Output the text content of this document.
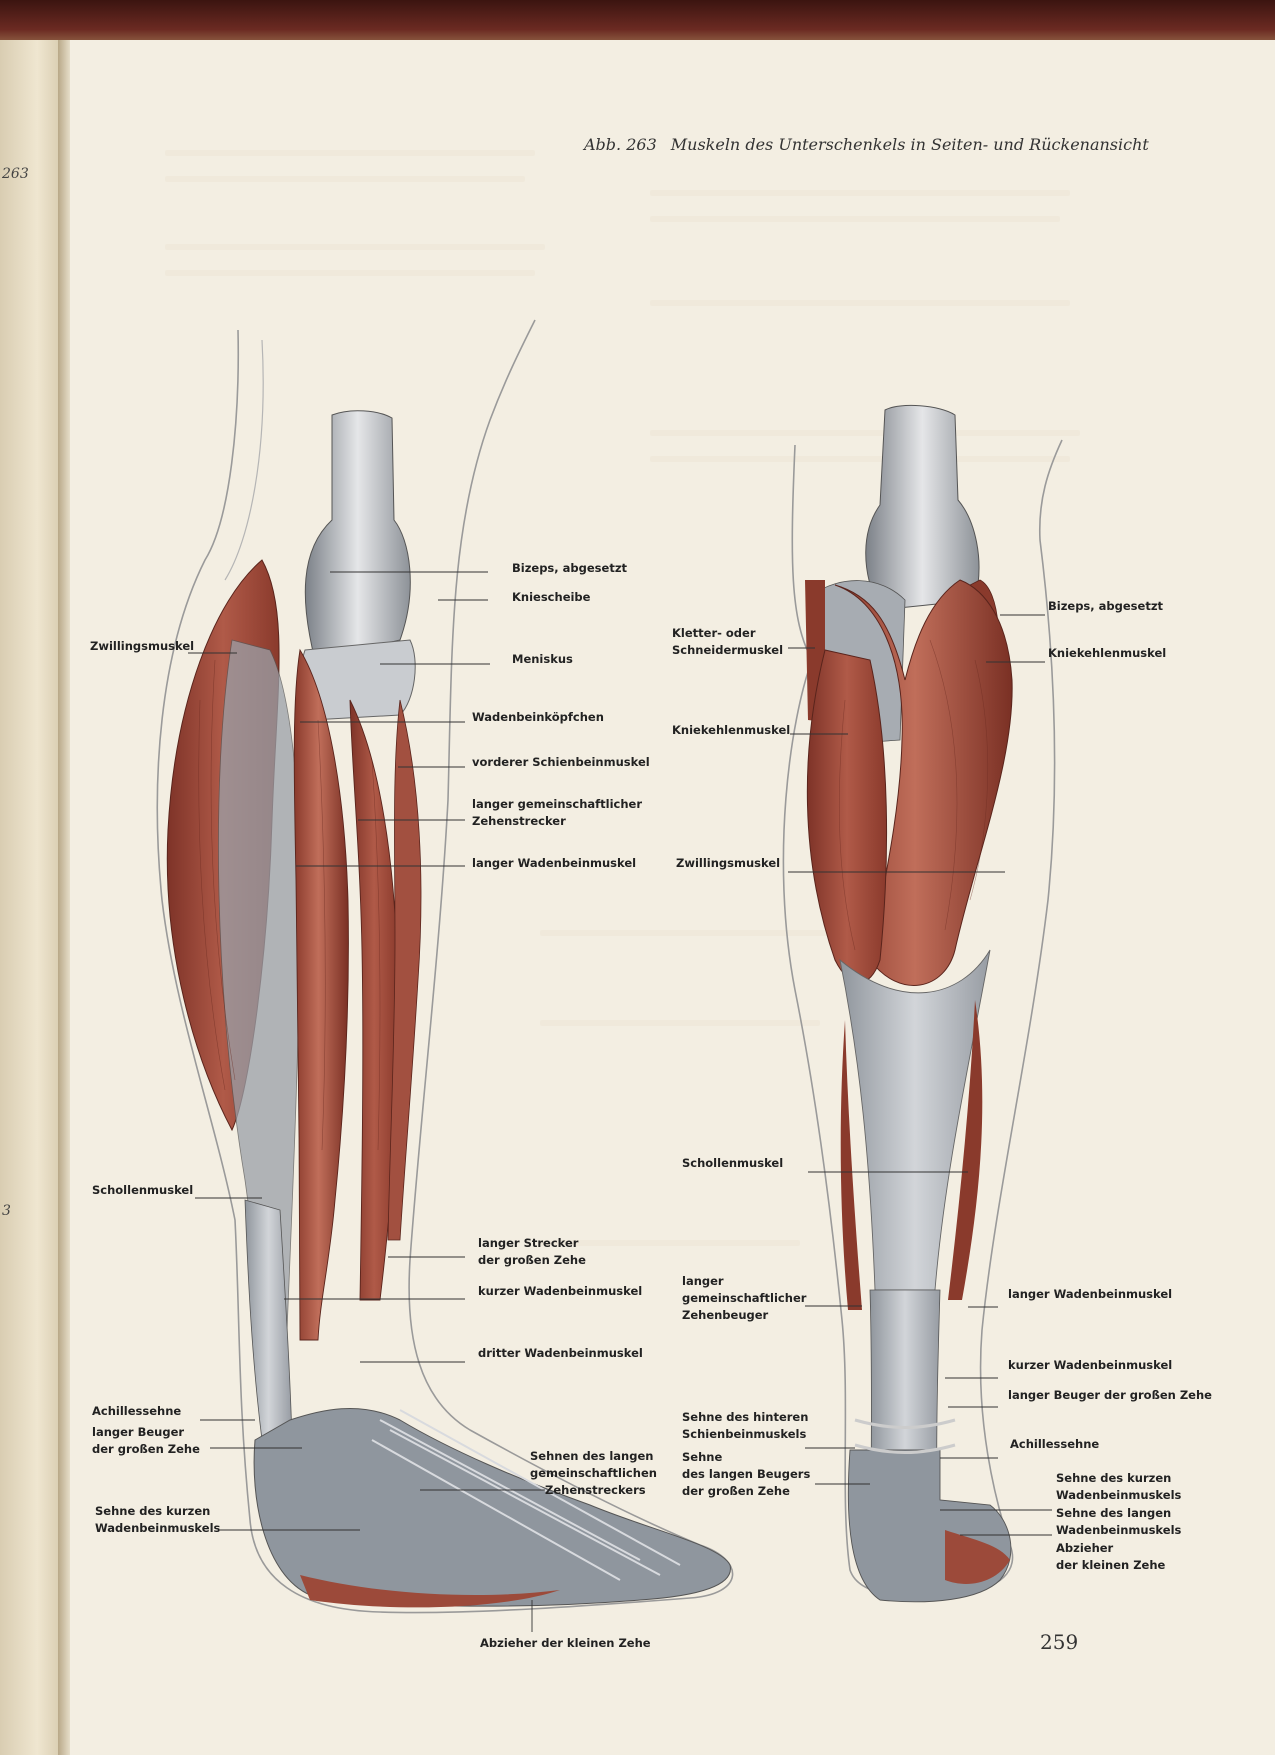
263
3
Abb. 263 Muskeln des Unterschenkels in Seiten- und Rückenansicht
Bizeps, abgesetzt
Kniescheibe
Zwillingsmuskel
Meniskus
Wadenbeinköpfchen
vorderer Schienbeinmuskel
langer gemeinschaftlicher
Zehenstrecker
langer Wadenbeinmuskel
Schollenmuskel
langer Strecker
der großen Zehe
kurzer Wadenbeinmuskel
dritter Wadenbeinmuskel
Achillessehne
langer Beuger
der großen Zehe	Sehnen des langen
gemeinschaftlichen
Zehenstreckers
Sehne des kurzen
Wadenbeinmuskels
Abzieher der kleinen Zehe
Bizeps, abgesetzt
Kletter- oder
Schneidermuskel	Kniekehlenmuskel
Kniekehlenmuskel
Zwillingsmuskel
Schollenmuskel
langer
gemeinschaftlicher
Zehenbeuger
langer Wadenbeinmuskel
kurzer Wadenbeinmuskel
langer Beuger der großen Zehe
Sehne des hinteren
Schienbeinmuskels
Sehne
des langen Beugers
der großen Zehe
Achillessehne
Sehne des kurzen
Wadenbeinmuskels
Sehne des langen
Wadenbeinmuskels
Abzieher
der kleinen Zehe
259
